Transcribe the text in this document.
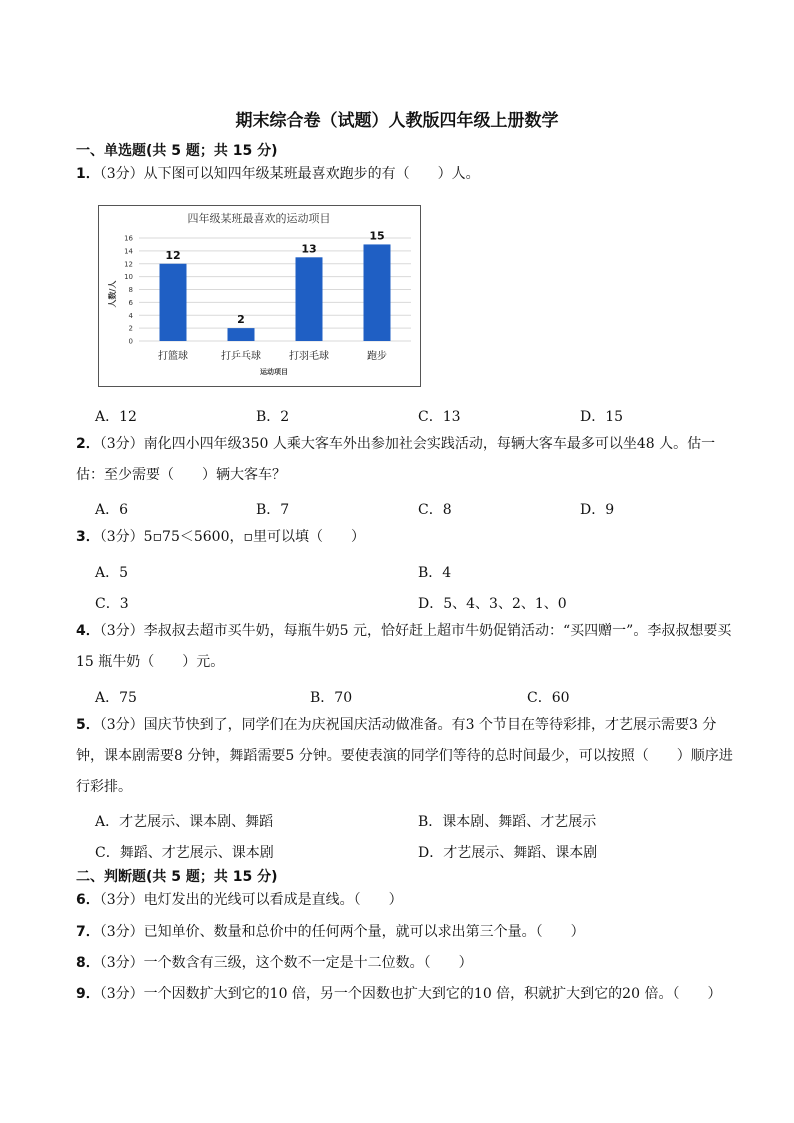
期末综合卷（试题）人教版四年级上册数学
一、单选题(共 5 题；共 15 分)
1．（3分）从下图可以知四年级某班最喜欢跑步的有（　　）人。
四年级某班最喜欢的运动项目
0
2
4
6
8
10
12
14
16
12
2
13
15
打篮球	打乒乓球	打羽毛球	跑步
人数/人
运动项目
A．12	B．2	C．13	D．15
2．（3分）南化四小四年级350 人乘大客车外出参加社会实践活动，每辆大客车最多可以坐48 人。估一估：至少需要（　　）辆大客车？
A．6	B．7	C．8	D．9
3．（3分）5▫75＜5600，▫里可以填（　　）
A．5	B．4
C．3	D．5、4、3、2、1、0
4．（3分）李叔叔去超市买牛奶，每瓶牛奶5 元，恰好赶上超市牛奶促销活动：“买四赠一”。李叔叔想要买15 瓶牛奶（　　）元。
A．75	B．70	C．60
5．（3分）国庆节快到了，同学们在为庆祝国庆活动做准备。有3 个节目在等待彩排，才艺展示需要3 分钟，课本剧需要8 分钟，舞蹈需要5 分钟。要使表演的同学们等待的总时间最少，可以按照（　　）顺序进行彩排。
A．才艺展示、课本剧、舞蹈	B．课本剧、舞蹈、才艺展示
C．舞蹈、才艺展示、课本剧	D．才艺展示、舞蹈、课本剧
二、判断题(共 5 题；共 15 分)
6．（3分）电灯发出的光线可以看成是直线。（　　）
7．（3分）已知单价、数量和总价中的任何两个量，就可以求出第三个量。（　　）
8．（3分）一个数含有三级，这个数不一定是十二位数。（　　）
9．（3分）一个因数扩大到它的10 倍，另一个因数也扩大到它的10 倍，积就扩大到它的20 倍。（　　）
